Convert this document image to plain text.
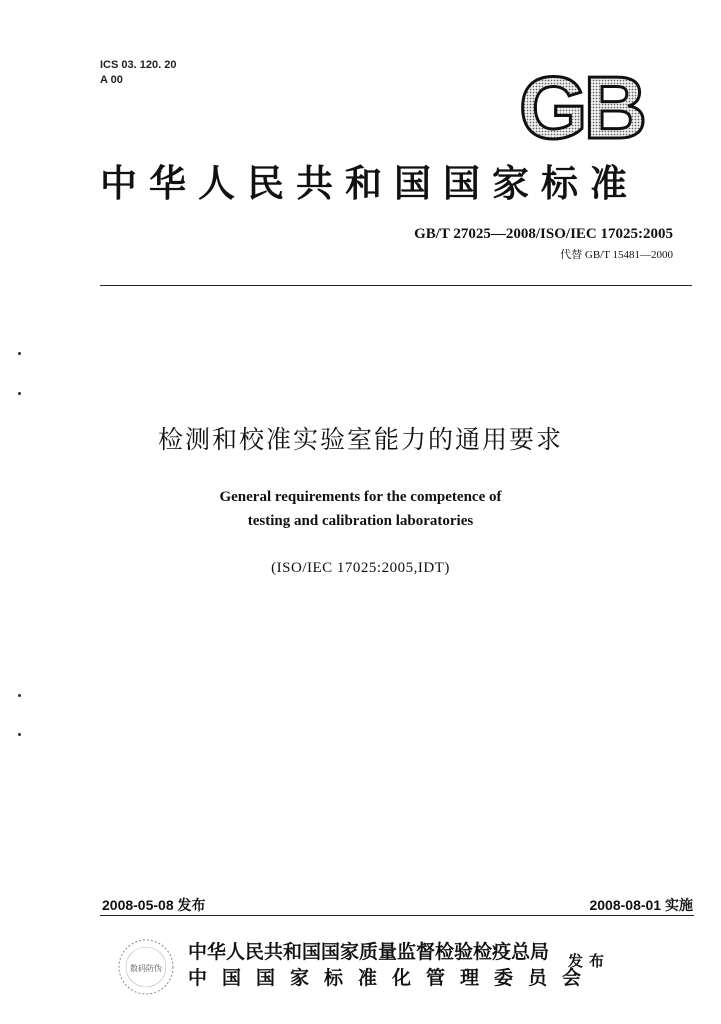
ICS 03. 120. 20
A 00	GB
中华人民共和国国家标准
GB/T 27025—2008/ISO/IEC 17025:2005
代替 GB/T 15481—2000
检测和校准实验室能力的通用要求
General requirements for the competence of
testing and calibration laboratories
(ISO/IEC 17025:2005,IDT)
2008-05-08 发布	2008-08-01 实施
数码防伪
中华人民共和国国家质量监督检验检疫总局
中国国家标准化管理委员会
发布
